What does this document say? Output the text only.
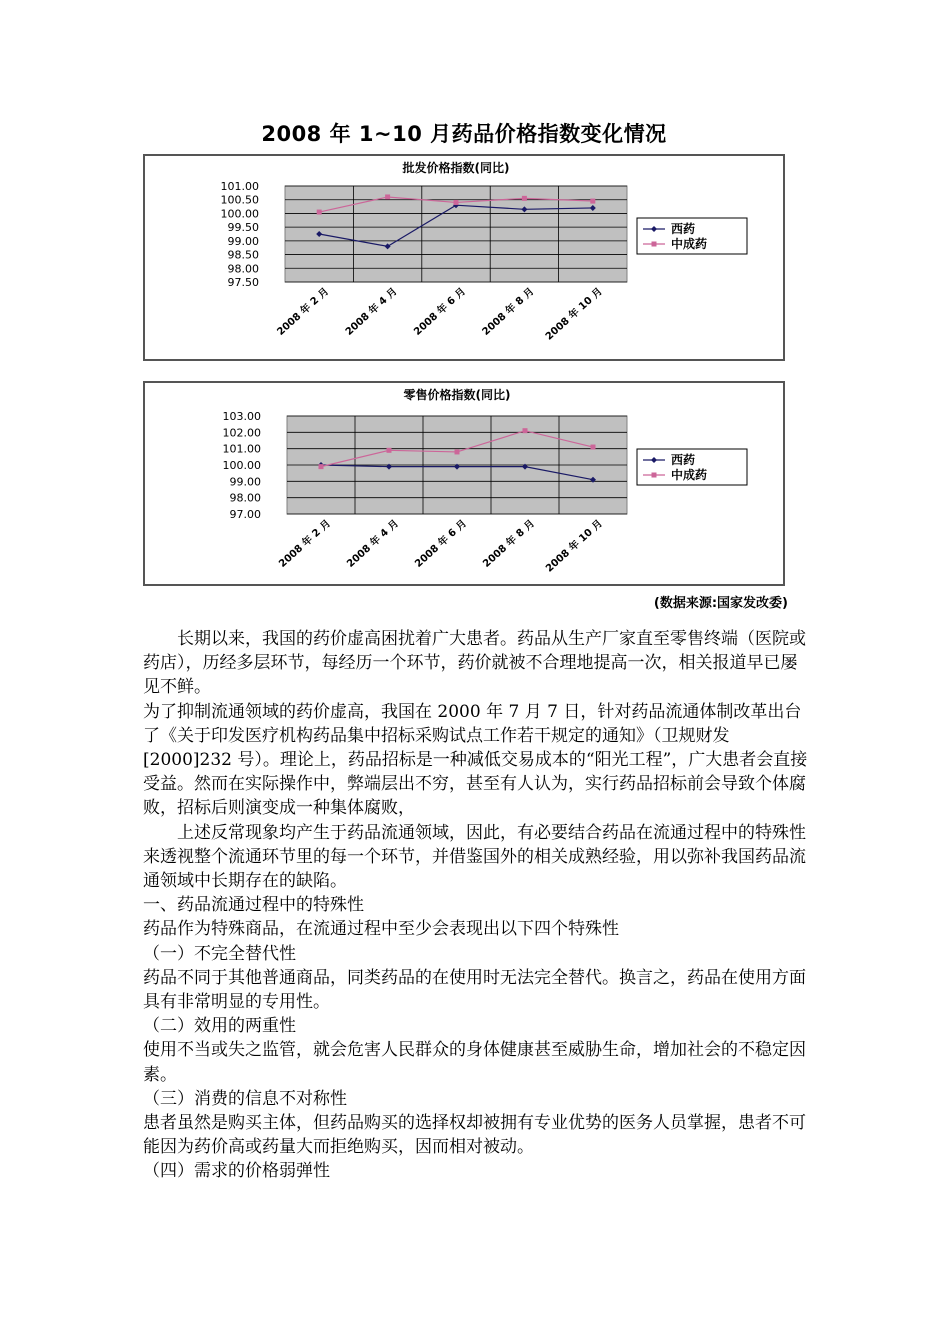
2008 年 1~10 月药品价格指数变化情况
批发价格指数(同比)
101.00
100.50
100.00
99.50
99.00
98.50
98.00
97.50
2008 年 2 月 2008 年 4 月 2008 年 6 月 2008 年 8 月 2008 年 10 月
西药
中成药
零售价格指数(同比)
103.00
102.00
101.00
100.00
99.00
98.00
97.00
2008 年 2 月 2008 年 4 月 2008 年 6 月 2008 年 8 月 2008 年 10 月
西药
中成药
(数据来源:国家发改委)

长期以来，我国的药价虚高困扰着广大患者。药品从生产厂家直至零售终端（医院或药店），历经多层环节，每经历一个环节，药价就被不合理地提高一次，相关报道早已屡见不鲜。

为了抑制流通领域的药价虚高，我国在 2000 年 7 月 7 日，针对药品流通体制改革出台了《关于印发医疗机构药品集中招标采购试点工作若干规定的通知》（卫规财发[2000]232 号）。理论上，药品招标是一种减低交易成本的“阳光工程”，广大患者会直接受益。然而在实际操作中，弊端层出不穷，甚至有人认为，实行药品招标前会导致个体腐败，招标后则演变成一种集体腐败，

上述反常现象均产生于药品流通领域，因此，有必要结合药品在流通过程中的特殊性来透视整个流通环节里的每一个环节，并借鉴国外的相关成熟经验，用以弥补我国药品流通领域中长期存在的缺陷。

一、药品流通过程中的特殊性

药品作为特殊商品，在流通过程中至少会表现出以下四个特殊性

（一）不完全替代性

药品不同于其他普通商品，同类药品的在使用时无法完全替代。换言之，药品在使用方面具有非常明显的专用性。

（二）效用的两重性

使用不当或失之监管，就会危害人民群众的身体健康甚至威胁生命，增加社会的不稳定因素。

（三）消费的信息不对称性

患者虽然是购买主体，但药品购买的选择权却被拥有专业优势的医务人员掌握，患者不可能因为药价高或药量大而拒绝购买，因而相对被动。

（四）需求的价格弱弹性
